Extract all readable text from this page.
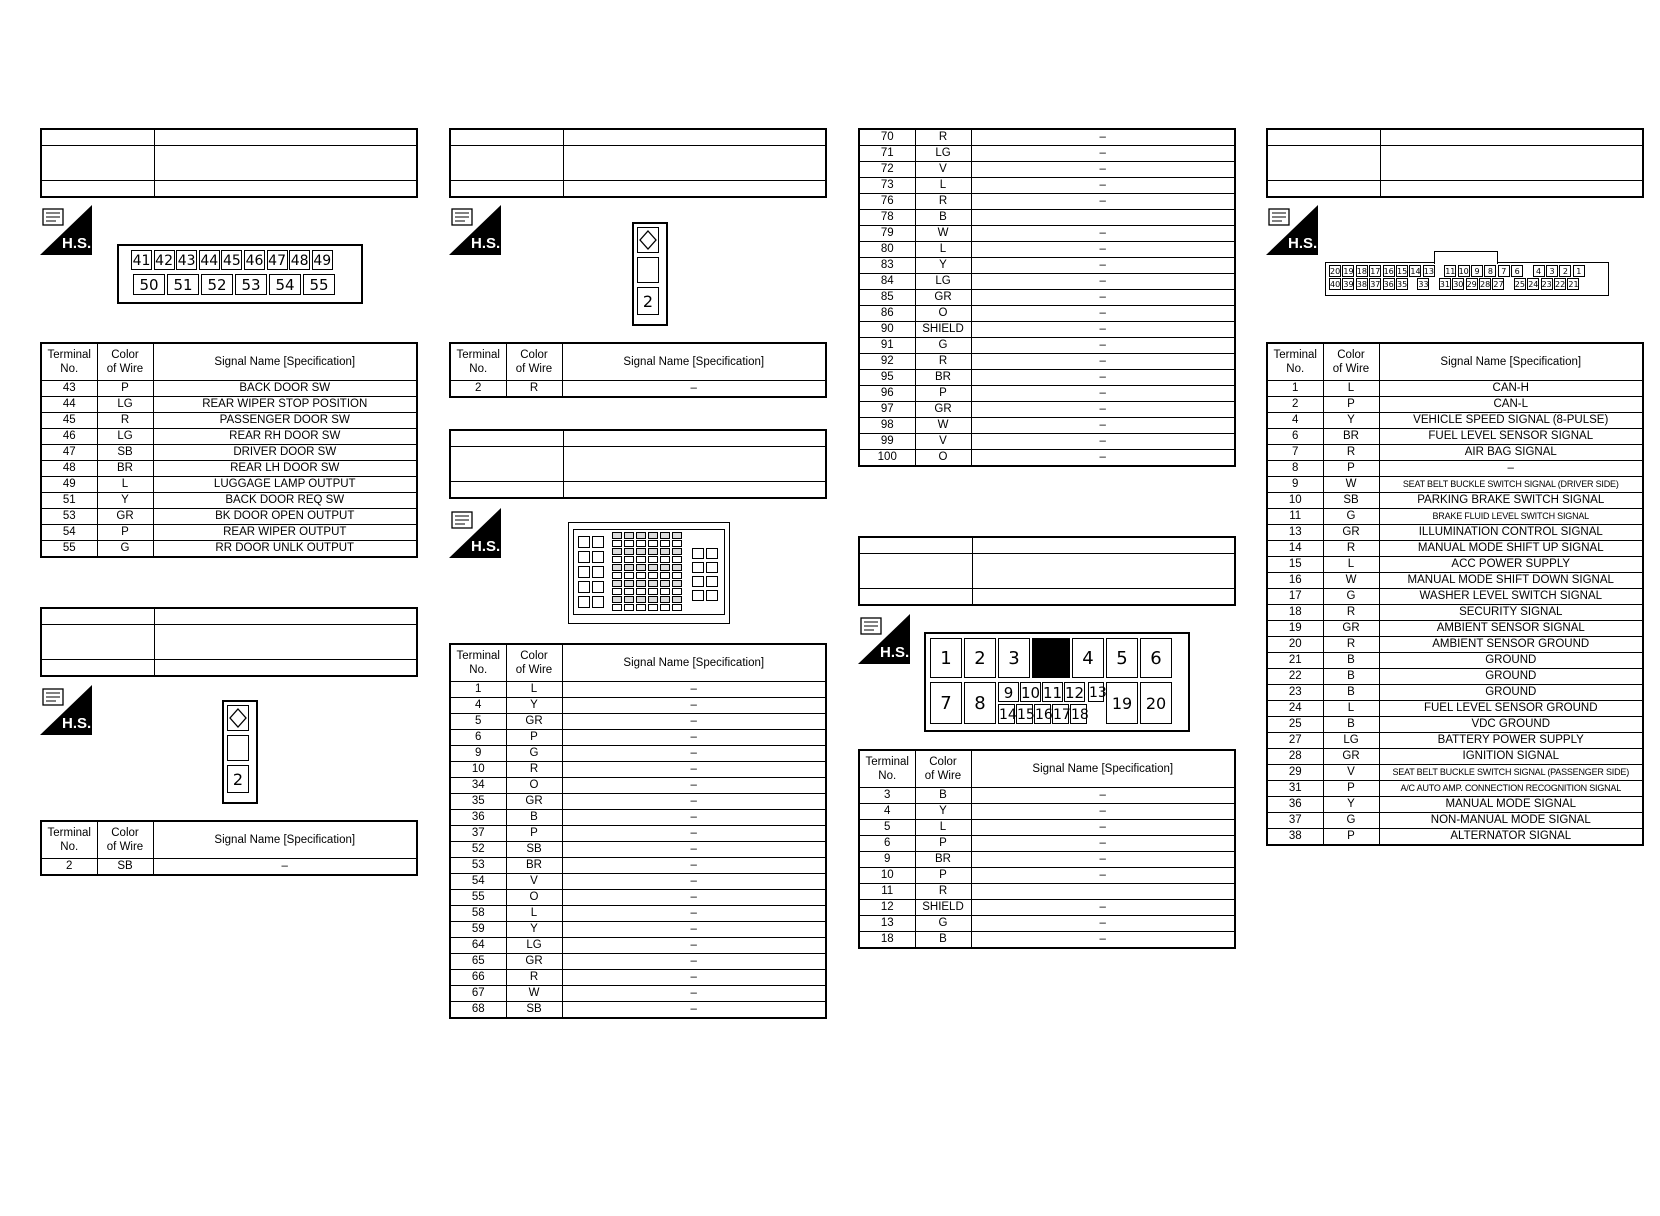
H.S.
41 42 43 44 45 46 47 48 49
50 51 52 53 54 55
Terminal
No.	Color
of Wire	Signal Name [Specification]
43	P	BACK DOOR SW
44	LG	REAR WIPER STOP POSITION
45	R	PASSENGER DOOR SW
46	LG	REAR RH DOOR SW
47	SB	DRIVER DOOR SW
48	BR	REAR LH DOOR SW
49	L	LUGGAGE LAMP OUTPUT
51	Y	BACK DOOR REQ SW
53	GR	BK DOOR OPEN OUTPUT
54	P	REAR WIPER OUTPUT
55	G	RR DOOR UNLK OUTPUT

H.S.
2
Terminal
No.	Color
of Wire	Signal Name [Specification]
2	SB	–

H.S.
2
Terminal
No.	Color
of Wire	Signal Name [Specification]
2	R	–

H.S.
Terminal
No.	Color
of Wire	Signal Name [Specification]
1	L	–
4	Y	–
5	GR	–
6	P	–
9	G	–
10	R	–
34	O	–
35	GR	–
36	B	–
37	P	–
52	SB	–
53	BR	–
54	V	–
55	O	–
58	L	–
59	Y	–
64	LG	–
65	GR	–
66	R	–
67	W	–
68	SB	–
70	R	–
71	LG	–
72	V	–
73	L	–
76	R	–
78	B	
79	W	–
80	L	–
83	Y	–
84	LG	–
85	GR	–
86	O	–
90	SHIELD	–
91	G	–
92	R	–
95	BR	–
96	P	–
97	GR	–
98	W	–
99	V	–
100	O	–

H.S.	1	2	3	4	5	6
7	8	9 10 11 12
14 15 16 17 18
13
19 20
Terminal
No.	Color
of Wire	Signal Name [Specification]
3	B	–
4	Y	–
5	L	–
6	P	–
9	BR	–
10	P	–
11	R	
12	SHIELD	–
13	G	–
18	B	–

H.S.
20 19 18 17 16 15 14 13 11 10 9	8	7	6	4	3	2	1
40 39 38 37 36 35 33 31 30 29 28 27 25 24 23 22 21
Terminal
No.	Color
of Wire	Signal Name [Specification]
1	L	CAN-H
2	P	CAN-L
4	Y	VEHICLE SPEED SIGNAL (8-PULSE)
6	BR	FUEL LEVEL SENSOR SIGNAL
7	R	AIR BAG SIGNAL
8	P	–
9	W	SEAT BELT BUCKLE SWITCH SIGNAL (DRIVER SIDE)
10	SB	PARKING BRAKE SWITCH SIGNAL
11	G	BRAKE FLUID LEVEL SWITCH SIGNAL
13	GR	ILLUMINATION CONTROL SIGNAL
14	R	MANUAL MODE SHIFT UP SIGNAL
15	L	ACC POWER SUPPLY
16	W	MANUAL MODE SHIFT DOWN SIGNAL
17	G	WASHER LEVEL SWITCH SIGNAL
18	R	SECURITY SIGNAL
19	GR	AMBIENT SENSOR SIGNAL
20	R	AMBIENT SENSOR GROUND
21	B	GROUND
22	B	GROUND
23	B	GROUND
24	L	FUEL LEVEL SENSOR GROUND
25	B	VDC GROUND
27	LG	BATTERY POWER SUPPLY
28	GR	IGNITION SIGNAL
29	V	SEAT BELT BUCKLE SWITCH SIGNAL (PASSENGER SIDE)
31	P	A/C AUTO AMP. CONNECTION RECOGNITION SIGNAL
36	Y	MANUAL MODE SIGNAL
37	G	NON-MANUAL MODE SIGNAL
38	P	ALTERNATOR SIGNAL
